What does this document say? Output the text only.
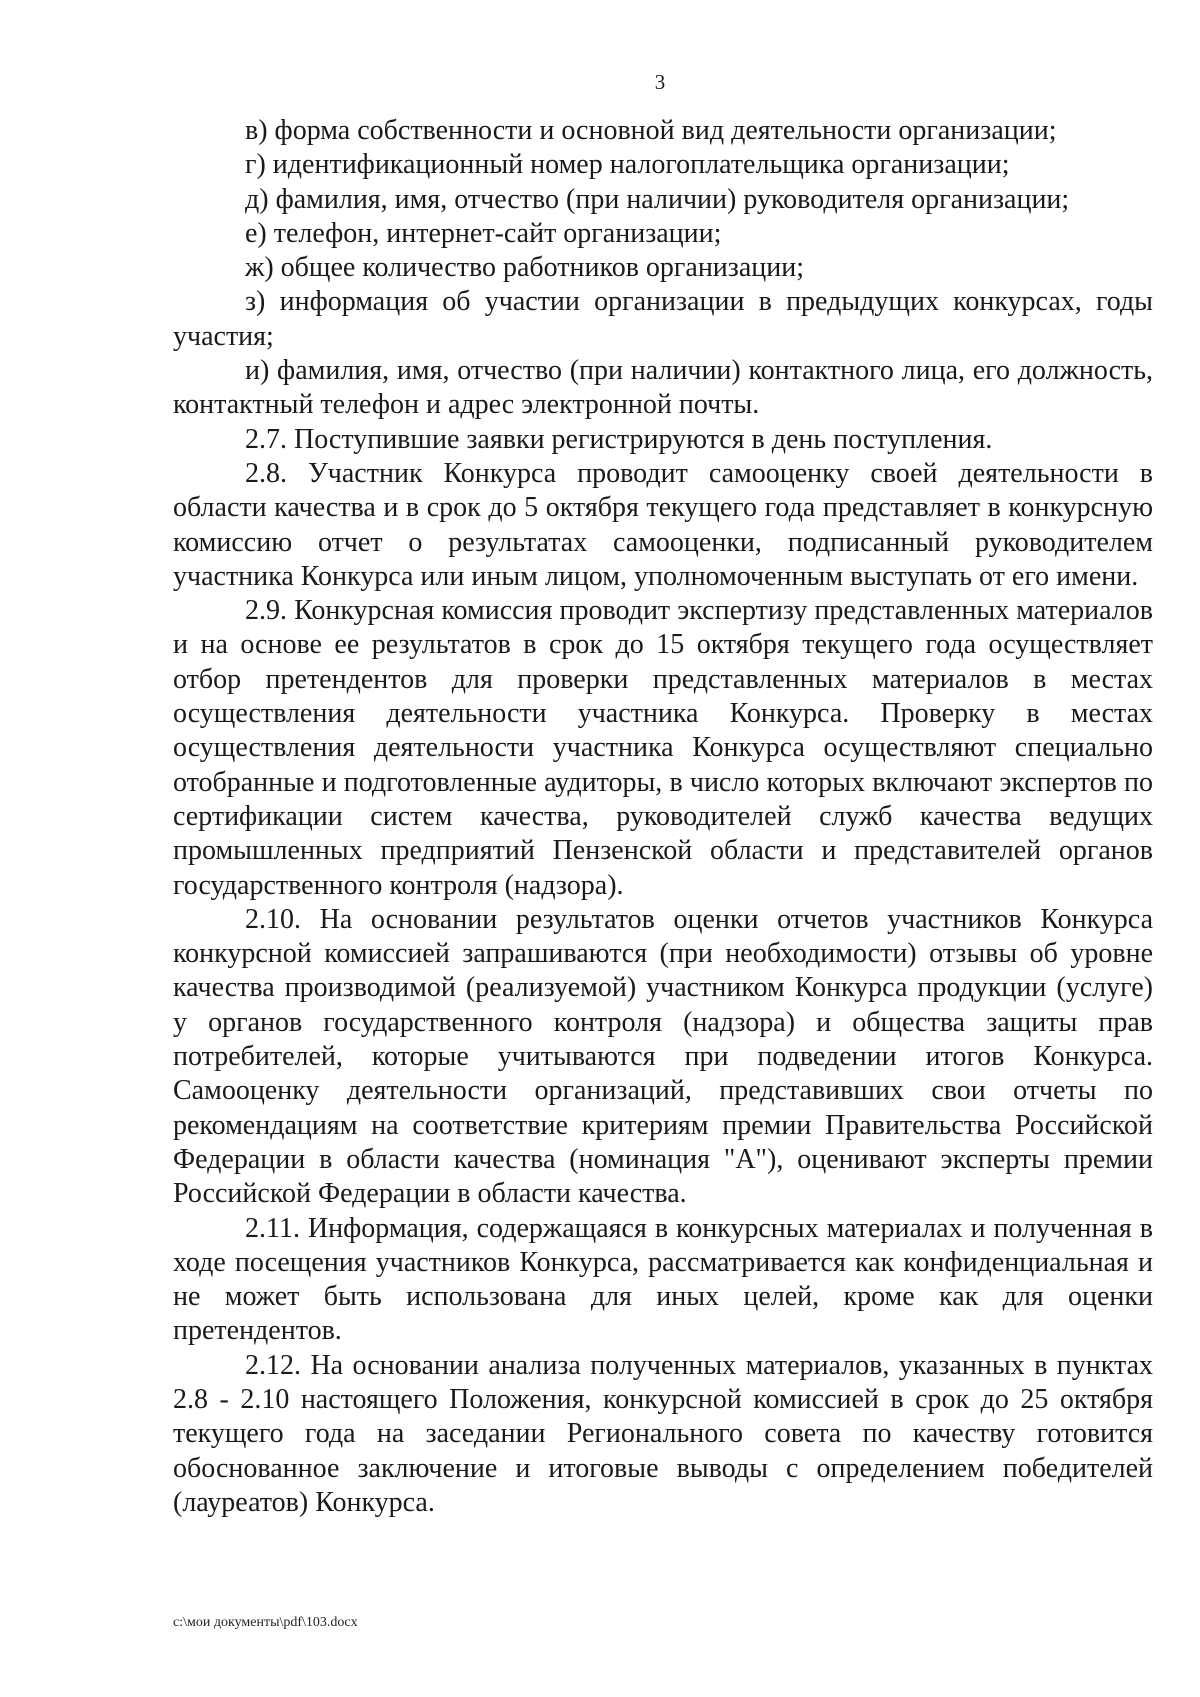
3

в) форма собственности и основной вид деятельности организации;

г) идентификационный номер налогоплательщика организации;

д) фамилия, имя, отчество (при наличии) руководителя организации;

е) телефон, интернет-сайт организации;

ж) общее количество работников организации;

з) информация об участии организации в предыдущих конкурсах, годы участия;

и) фамилия, имя, отчество (при наличии) контактного лица, его должность, контактный телефон и адрес электронной почты.

2.7. Поступившие заявки регистрируются в день поступления.

2.8. Участник Конкурса проводит самооценку своей деятельности в области качества и в срок до 5 октября текущего года представляет в конкурсную комиссию отчет о результатах самооценки, подписанный руководителем участника Конкурса или иным лицом, уполномоченным выступать от его имени.

2.9. Конкурсная комиссия проводит экспертизу представленных материалов и на основе ее результатов в срок до 15 октября текущего года осуществляет отбор претендентов для проверки представленных материалов в местах осуществления деятельности участника Конкурса. Проверку в местах осуществления деятельности участника Конкурса осуществляют специально отобранные и подготовленные аудиторы, в число которых включают экспертов по сертификации систем качества, руководителей служб качества ведущих промышленных предприятий Пензенской области и представителей органов государственного контроля (надзора).

2.10. На основании результатов оценки отчетов участников Конкурса конкурсной комиссией запрашиваются (при необходимости) отзывы об уровне качества производимой (реализуемой) участником Конкурса продукции (услуге) у органов государственного контроля (надзора) и общества защиты прав потребителей, которые учитываются при подведении итогов Конкурса. Самооценку деятельности организаций, представивших свои отчеты по рекомендациям на соответствие критериям премии Правительства Российской Федерации в области качества (номинация "А"), оценивают эксперты премии Российской Федерации в области качества.

2.11. Информация, содержащаяся в конкурсных материалах и полученная в ходе посещения участников Конкурса, рассматривается как конфиденциальная и не может быть использована для иных целей, кроме как для оценки претендентов.

2.12. На основании анализа полученных материалов, указанных в пунктах 2.8 - 2.10 настоящего Положения, конкурсной комиссией в срок до 25 октября текущего года на заседании Регионального совета по качеству готовится обоснованное заключение и итоговые выводы с определением победителей (лауреатов) Конкурса.

c:\мои документы\pdf\103.docx
